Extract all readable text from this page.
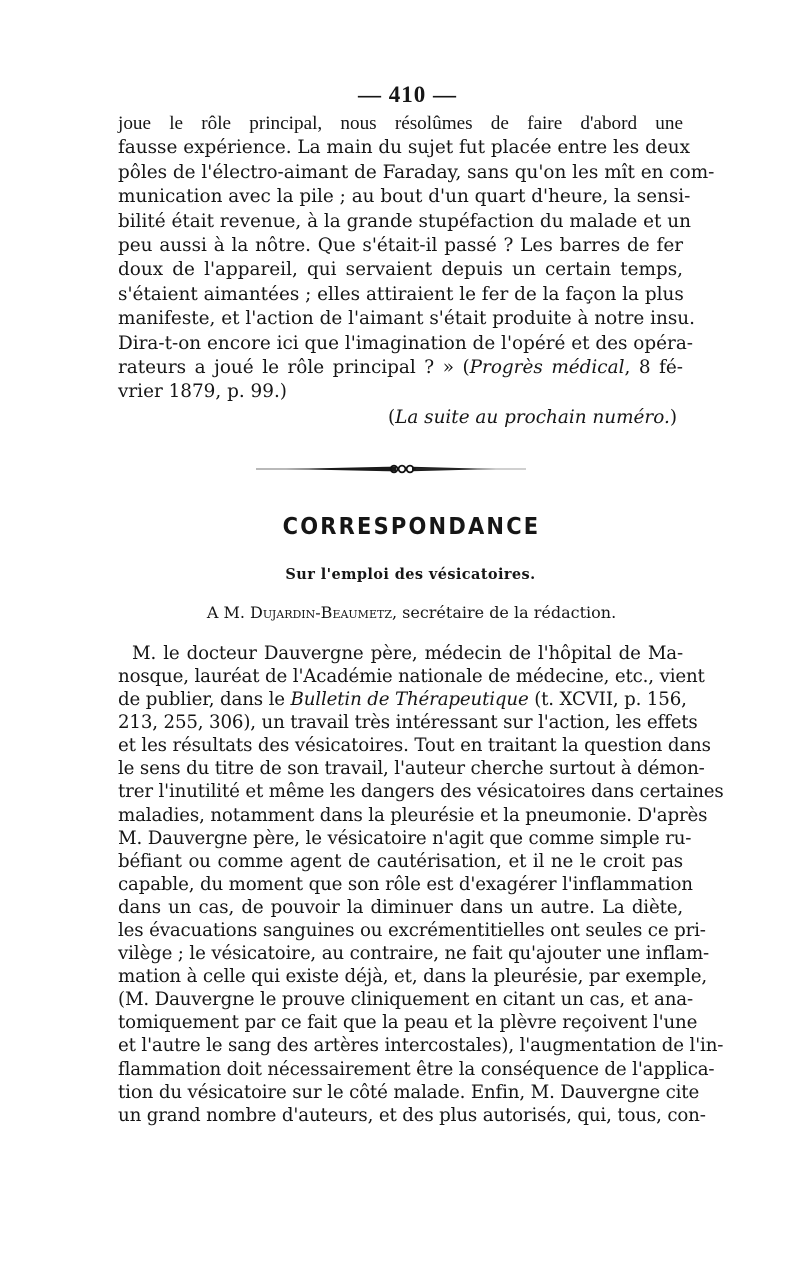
— 410 —

joue le rôle principal, nous résolûmes de faire d'abord une
fausse expérience. La main du sujet fut placée entre les deux
pôles de l'électro-aimant de Faraday, sans qu'on les mît en com-
munication avec la pile ; au bout d'un quart d'heure, la sensi-
bilité était revenue, à la grande stupéfaction du malade et un
peu aussi à la nôtre. Que s'était-il passé ? Les barres de fer
doux de l'appareil, qui servaient depuis un certain temps,
s'étaient aimantées ; elles attiraient le fer de la façon la plus
manifeste, et l'action de l'aimant s'était produite à notre insu.
Dira-t-on encore ici que l'imagination de l'opéré et des opéra-
rateurs a joué le rôle principal ? » (Progrès médical, 8 fé-
vrier 1879, p. 99.)

(La suite au prochain numéro.)
CORRESPONDANCE
Sur l'emploi des vésicatoires.
A M. Dujardin-Beaumetz, secrétaire de la rédaction.

M. le docteur Dauvergne père, médecin de l'hôpital de Ma-
nosque, lauréat de l'Académie nationale de médecine, etc., vient
de publier, dans le Bulletin de Thérapeutique (t. XCVII, p. 156,
213, 255, 306), un travail très intéressant sur l'action, les effets
et les résultats des vésicatoires. Tout en traitant la question dans
le sens du titre de son travail, l'auteur cherche surtout à démon-
trer l'inutilité et même les dangers des vésicatoires dans certaines
maladies, notamment dans la pleurésie et la pneumonie. D'après
M. Dauvergne père, le vésicatoire n'agit que comme simple ru-
béfiant ou comme agent de cautérisation, et il ne le croit pas
capable, du moment que son rôle est d'exagérer l'inflammation
dans un cas, de pouvoir la diminuer dans un autre. La diète,
les évacuations sanguines ou excrémentitielles ont seules ce pri-
vilège ; le vésicatoire, au contraire, ne fait qu'ajouter une inflam-
mation à celle qui existe déjà, et, dans la pleurésie, par exemple,
(M. Dauvergne le prouve cliniquement en citant un cas, et ana-
tomiquement par ce fait que la peau et la plèvre reçoivent l'une
et l'autre le sang des artères intercostales), l'augmentation de l'in-
flammation doit nécessairement être la conséquence de l'applica-
tion du vésicatoire sur le côté malade. Enfin, M. Dauvergne cite
un grand nombre d'auteurs, et des plus autorisés, qui, tous, con-
